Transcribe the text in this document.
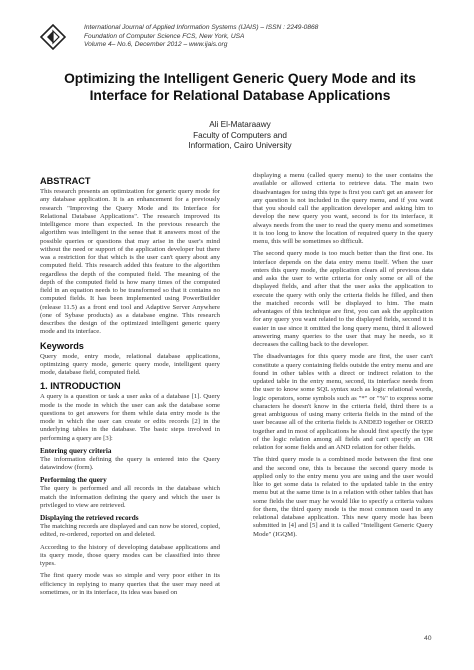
International Journal of Applied Information Systems (IJAIS) – ISSN : 2249-0868
Foundation of Computer Science FCS, New York, USA
Volume 4– No.6, December 2012 – www.ijais.org
Optimizing the Intelligent Generic Query Mode and its
Interface for Relational Database Applications
Ali El-Mataraawy
Faculty of Computers and
Information, Cairo University
ABSTRACT

This research presents an optimization for generic query mode for any database application. It is an enhancement for a previously research "Improving the Query Mode and its Interface for Relational Database Applications". The research improved its intelligence more than expected. In the previous research the algorithm was intelligent in the sense that it answers most of the possible queries or questions that may arise in the user's mind without the need or support of the application developer but there was a restriction for that which is the user can't query about any computed field. This research added this feature to the algorithm regardless the depth of the computed field. The meaning of the depth of the computed field is how many times of the computed field in an equation needs to be transformed so that it contains no computed fields. It has been implemented using PowerBuilder (release 11.5) as a front end tool and Adaptive Server Anywhere (one of Sybase products) as a database engine. This research describes the design of the optimized intelligent generic query mode and its interface.

Keywords

Query mode, entry mode, relational database applications, optimizing query mode, generic query mode, intelligent query mode, database field, computed field.

1. INTRODUCTION

A query is a question or task a user asks of a database [1]. Query mode is the mode in which the user can ask the database some questions to get answers for them while data entry mode is the mode in which the user can create or edits records [2] in the underlying tables in the database. The basic steps involved in performing a query are [3]:

Entering query criteria

The information defining the query is entered into the Query datawindow (form).

Performing the query

The query is performed and all records in the database which match the information defining the query and which the user is privileged to view are retrieved.

Displaying the retrieved records

The matching records are displayed and can now be stored, copied, edited, re-ordered, reported on and deleted.

According to the history of developing database applications and its query mode, those query modes can be classified into three types.

The first query mode was so simple and very poor either in its efficiency in replying to many queries that the user may need at sometimes, or in its interface, its idea was based on

displaying a menu (called query menu) to the user contains the available or allowed criteria to retrieve data. The main two disadvantages for using this type is first you can't get an answer for any question is not included in the query menu, and if you want that you should call the application developer and asking him to develop the new query you want, second is for its interface, it always needs from the user to read the query menu and sometimes it is too long to know the location of required query in the query menu, this will be sometimes so difficult.

The second query mode is too much better than the first one. Its interface depends on the data entry menu itself. When the user enters this query mode, the application clears all of previous data and asks the user to write criteria for only some or all of the displayed fields, and after that the user asks the application to execute the query with only the criteria fields he filled, and then the matched records will be displayed to him. The main advantages of this technique are first, you can ask the application for any query you want related to the displayed fields, second it is easier in use since it omitted the long query menu, third it allowed answering many queries to the user that may he needs, so it decreases the calling back to the developer.

The disadvantages for this query mode are first, the user can't constitute a query containing fields outside the entry menu and are found in other tables with a direct or indirect relation to the updated table in the entry menu, second, its interface needs from the user to know some SQL syntax such as logic relational words, logic operators, some symbols such as "*" or "%" to express some characters he doesn't know in the criteria field, third there is a great ambiguous of using many criteria fields in the mind of the user because all of the criteria fields is ANDED together or ORED together and in most of applications he should first specify the type of the logic relation among all fields and can't specify an OR relation for some fields and an AND relation for other fields.

The third query mode is a combined mode between the first one and the second one, this is because the second query mode is applied only to the entry menu you are using and the user would like to get some data is related to the updated table in the entry menu but at the same time is in a relation with other tables that has some fields the user may he would like to specify a criteria values for them, the third query mode is the most common used in any relational database application. This new query mode has been submitted in [4] and [5] and it is called "Intelligent Generic Query Mode" (IGQM).

40
